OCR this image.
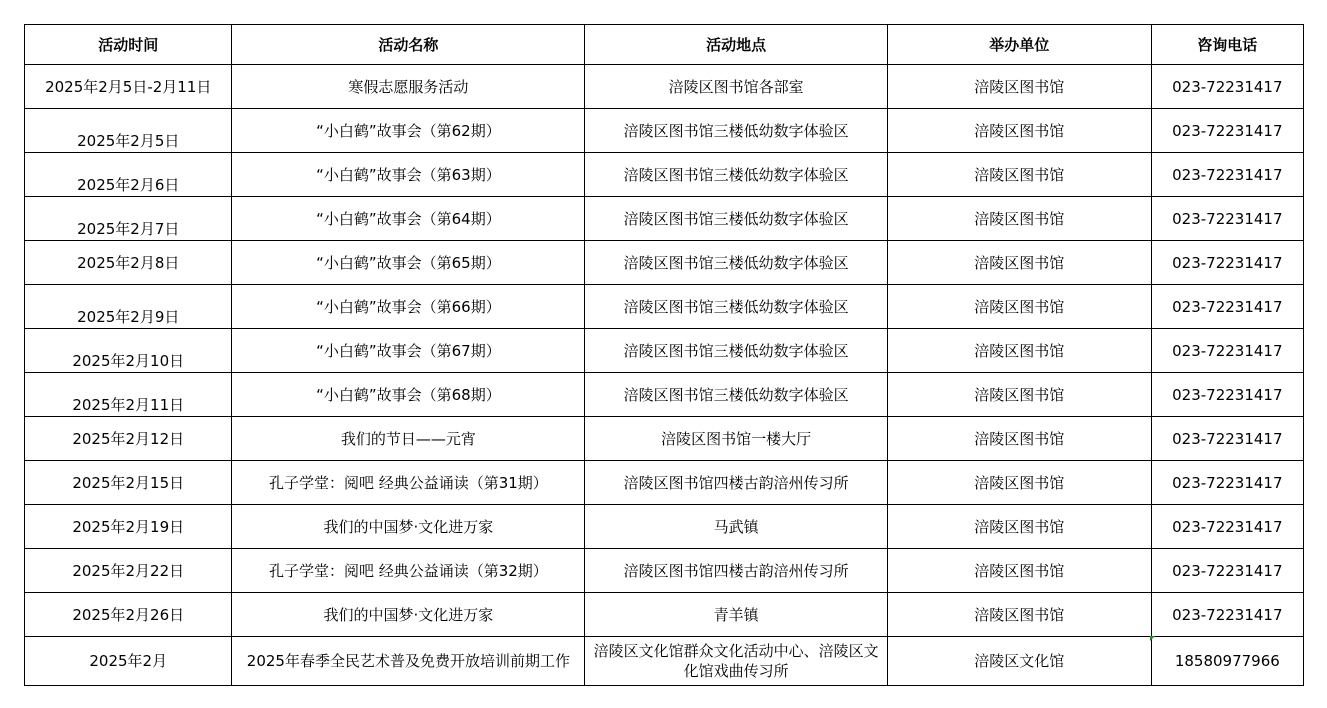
活动时间	活动名称	活动地点	举办单位	咨询电话
2025年2月5日-2月11日	寒假志愿服务活动	涪陵区图书馆各部室	涪陵区图书馆	023-72231417
2025年2月5日	“小白鹤”故事会（第62期）	涪陵区图书馆三楼低幼数字体验区	涪陵区图书馆	023-72231417
2025年2月6日	“小白鹤”故事会（第63期）	涪陵区图书馆三楼低幼数字体验区	涪陵区图书馆	023-72231417
2025年2月7日	“小白鹤”故事会（第64期）	涪陵区图书馆三楼低幼数字体验区	涪陵区图书馆	023-72231417
2025年2月8日	“小白鹤”故事会（第65期）	涪陵区图书馆三楼低幼数字体验区	涪陵区图书馆	023-72231417
2025年2月9日	“小白鹤”故事会（第66期）	涪陵区图书馆三楼低幼数字体验区	涪陵区图书馆	023-72231417
2025年2月10日	“小白鹤”故事会（第67期）	涪陵区图书馆三楼低幼数字体验区	涪陵区图书馆	023-72231417
2025年2月11日	“小白鹤”故事会（第68期）	涪陵区图书馆三楼低幼数字体验区	涪陵区图书馆	023-72231417
2025年2月12日	我们的节日——元宵	涪陵区图书馆一楼大厅	涪陵区图书馆	023-72231417
2025年2月15日	孔子学堂：阅吧 经典公益诵读（第31期）	涪陵区图书馆四楼古韵涪州传习所	涪陵区图书馆	023-72231417
2025年2月19日	我们的中国梦·文化进万家	马武镇	涪陵区图书馆	023-72231417
2025年2月22日	孔子学堂：阅吧 经典公益诵读（第32期）	涪陵区图书馆四楼古韵涪州传习所	涪陵区图书馆	023-72231417
2025年2月26日	我们的中国梦·文化进万家	青羊镇	涪陵区图书馆	023-72231417
2025年2月	2025年春季全民艺术普及免费开放培训前期工作	涪陵区文化馆群众文化活动中心、涪陵区文化馆戏曲传习所	涪陵区文化馆	18580977966
